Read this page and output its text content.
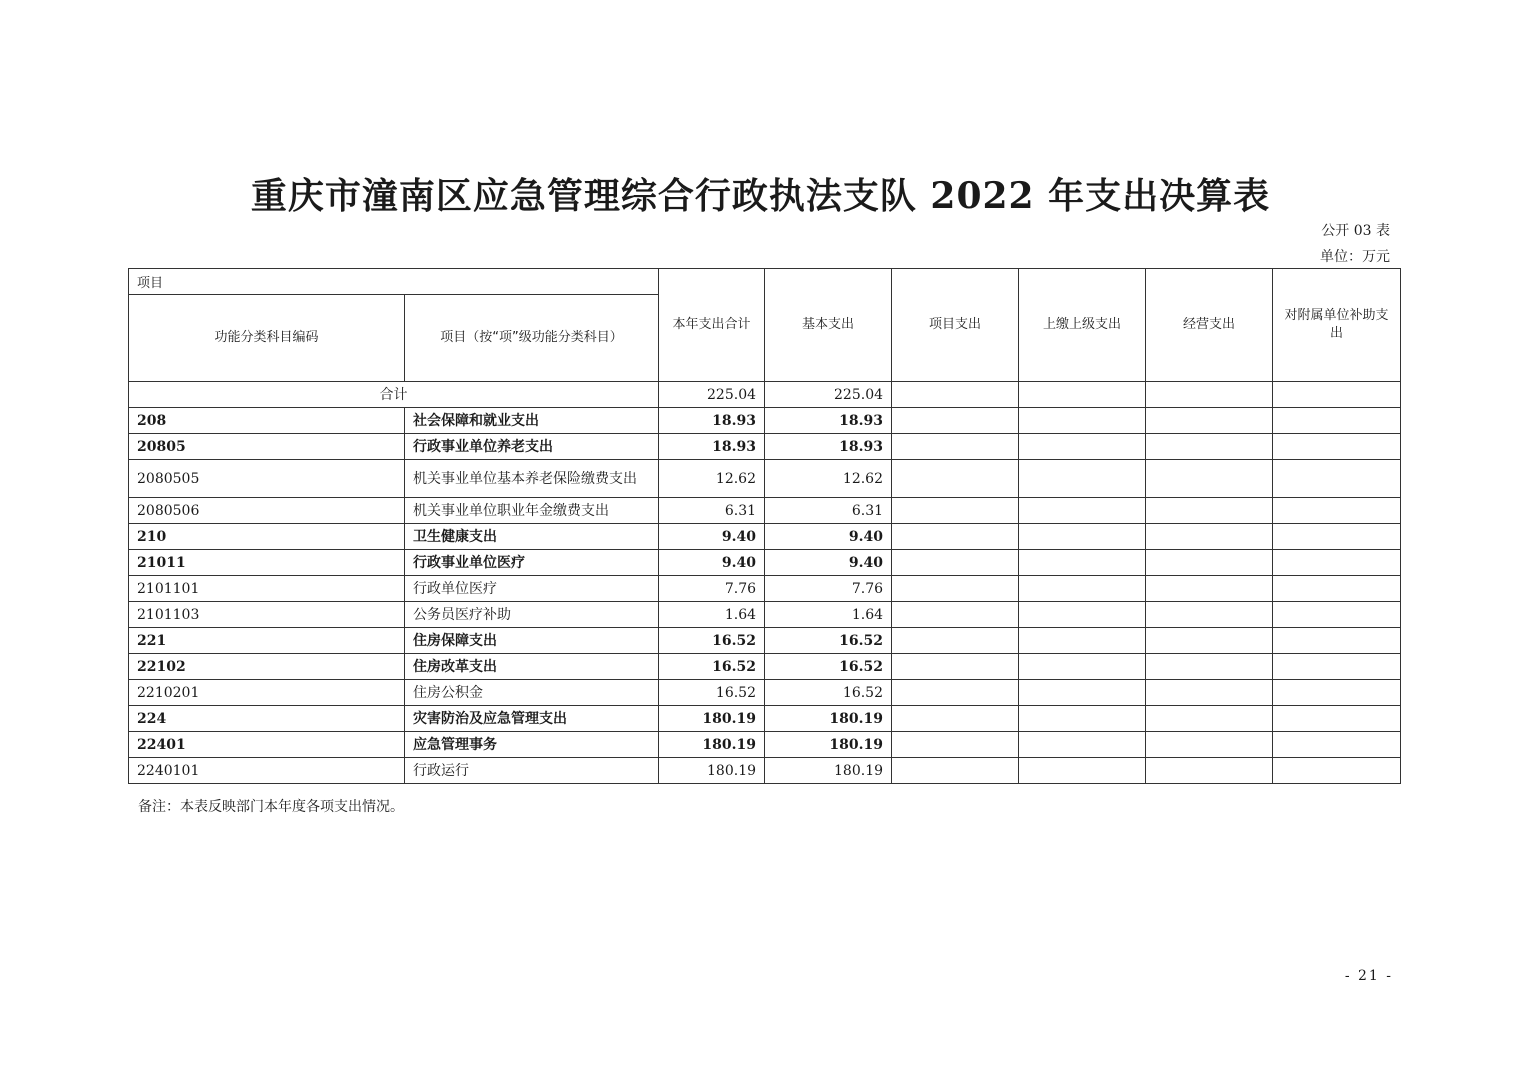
重庆市潼南区应急管理综合行政执法支队 2022 年支出决算表
公开 03 表
单位：万元
项目		本年支出合计	基本支出	项目支出	上缴上级支出	经营支出	对附属单位补助支出
功能分类科目编码	项目（按“项”级功能分类科目）						
合计		225.04	225.04				
208	社会保障和就业支出	18.93	18.93				
20805	行政事业单位养老支出	18.93	18.93				
2080505	机关事业单位基本养老保险缴费支出	12.62	12.62				
2080506	机关事业单位职业年金缴费支出	6.31	6.31				
210	卫生健康支出	9.40	9.40				
21011	行政事业单位医疗	9.40	9.40				
2101101	行政单位医疗	7.76	7.76				
2101103	公务员医疗补助	1.64	1.64				
221	住房保障支出	16.52	16.52				
22102	住房改革支出	16.52	16.52				
2210201	住房公积金	16.52	16.52				
224	灾害防治及应急管理支出	180.19	180.19				
22401	应急管理事务	180.19	180.19				
2240101	行政运行	180.19	180.19				
备注：本表反映部门本年度各项支出情况。
- 21 -
